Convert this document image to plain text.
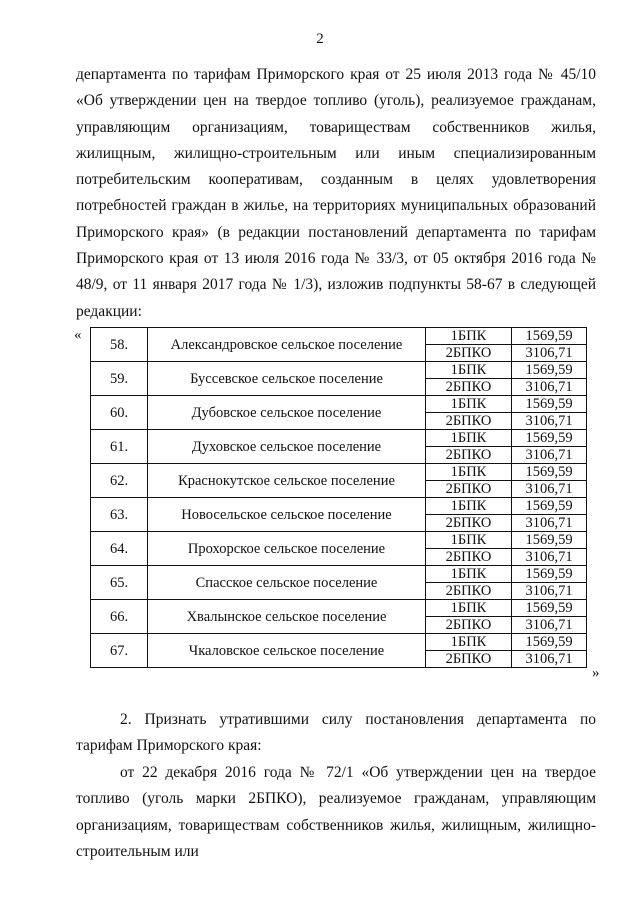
2
департамента по тарифам Приморского края от 25 июля 2013 года № 45/10 «Об утверждении цен на твердое топливо (уголь), реализуемое гражданам, управляющим организациям, товариществам собственников жилья, жилищным, жилищно-строительным или иным специализированным потребительским кооперативам, созданным в целях удовлетворения потребностей граждан в жилье, на территориях муниципальных образований Приморского края» (в редакции постановлений департамента по тарифам Приморского края от 13 июля 2016 года № 33/3, от 05 октября 2016 года № 48/9, от 11 января 2017 года № 1/3), изложив подпункты 58-67 в следующей редакции:
«
58.	Александровское сельское поселение	1БПК	1569,59
		2БПКО	3106,71
59.	Буссевское сельское поселение	1БПК	1569,59
		2БПКО	3106,71
60.	Дубовское сельское поселение	1БПК	1569,59
		2БПКО	3106,71
61.	Духовское сельское поселение	1БПК	1569,59
		2БПКО	3106,71
62.	Краснокутское сельское поселение	1БПК	1569,59
		2БПКО	3106,71
63.	Новосельское сельское поселение	1БПК	1569,59
		2БПКО	3106,71
64.	Прохорское сельское поселение	1БПК	1569,59
		2БПКО	3106,71
65.	Спасское сельское поселение	1БПК	1569,59
		2БПКО	3106,71
66.	Хвалынское сельское поселение	1БПК	1569,59
		2БПКО	3106,71
67.	Чкаловское сельское поселение	1БПК	1569,59
		2БПКО	3106,71
»
2. Признать утратившими силу постановления департамента по тарифам Приморского края:
от 22 декабря 2016 года № 72/1 «Об утверждении цен на твердое топливо (уголь марки 2БПКО), реализуемое гражданам, управляющим организациям, товариществам собственников жилья, жилищным, жилищно-строительным или
